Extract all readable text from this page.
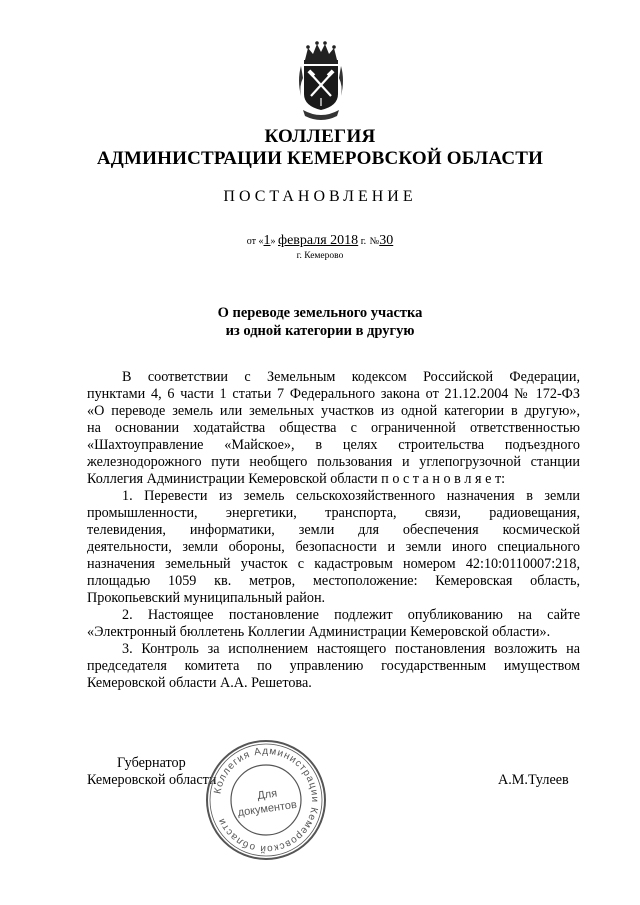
КОЛЛЕГИЯ
АДМИНИСТРАЦИИ КЕМЕРОВСКОЙ ОБЛАСТИ
ПОСТАНОВЛЕНИЕ
от «1» февраля 2018 г. №30
г. Кемерово
О переводе земельного участка
из одной категории в другую
В соответствии с Земельным кодексом Российской Федерации,
пунктами 4, 6 части 1 статьи 7 Федерального закона от 21.12.2004 № 172-ФЗ
«О переводе земель или земельных участков из одной категории в другую»,
на основании ходатайства общества с ограниченной ответственностью
«Шахтоуправление «Майское», в целях строительства подъездного
железнодорожного пути необщего пользования и углепогрузочной станции
Коллегия Администрации Кемеровской области п о с т а н о в л я е т:
1. Перевести из земель сельскохозяйственного назначения в земли
промышленности, энергетики, транспорта, связи, радиовещания,
телевидения, информатики, земли для обеспечения космической
деятельности, земли обороны, безопасности и земли иного специального
назначения земельный участок с кадастровым номером 42:10:0110007:218,
площадью 1059 кв. метров, местоположение: Кемеровская область,
Прокопьевский муниципальный район.
2. Настоящее постановление подлежит опубликованию на сайте
«Электронный бюллетень Коллегии Администрации Кемеровской области».
3. Контроль за исполнением настоящего постановления возложить на
председателя комитета по управлению государственным имуществом
Кемеровской области А.А. Решетова.
Губернатор
Кемеровской области	А.М.Тулеев
Коллегия Администрации Кемеровской области
Для
документов
